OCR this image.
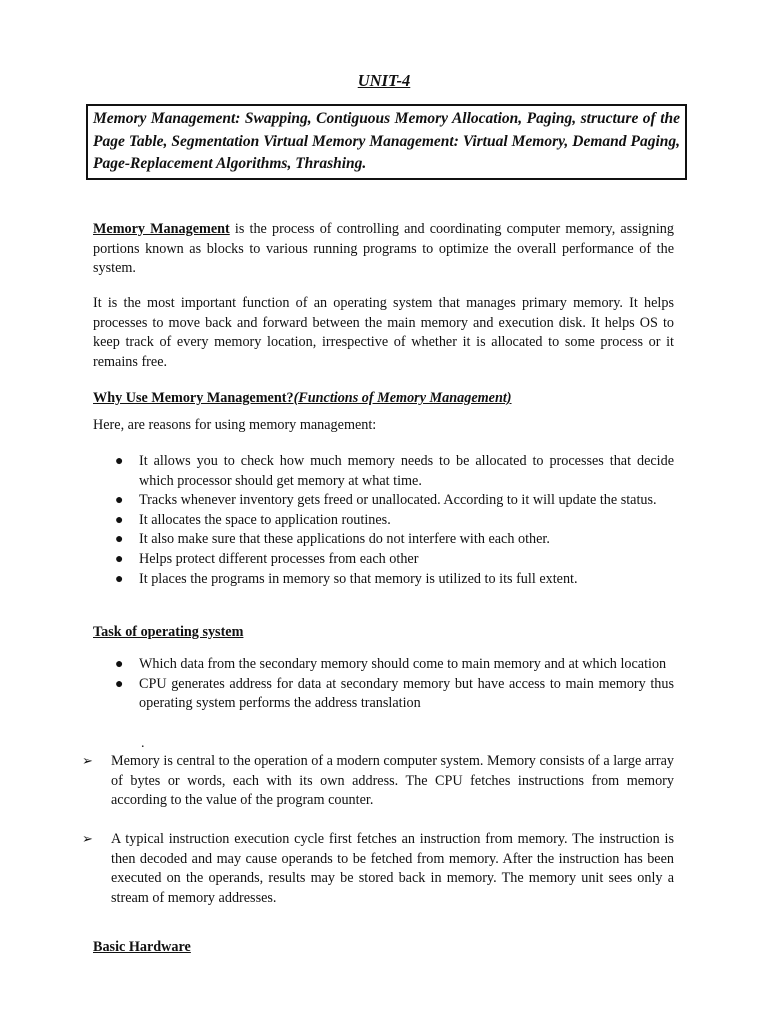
UNIT-4
Memory Management: Swapping, Contiguous Memory Allocation, Paging, structure of the Page Table, Segmentation Virtual Memory Management: Virtual Memory, Demand Paging, Page-Replacement Algorithms, Thrashing.

Memory Management is the process of controlling and coordinating computer memory, assigning portions known as blocks to various running programs to optimize the overall performance of the system.

It is the most important function of an operating system that manages primary memory. It helps processes to move back and forward between the main memory and execution disk. It helps OS to keep track of every memory location, irrespective of whether it is allocated to some process or it remains free.

Why Use Memory Management?(Functions of Memory Management)

Here, are reasons for using memory management:

● It allows you to check how much memory needs to be allocated to processes that decide which processor should get memory at what time.
● Tracks whenever inventory gets freed or unallocated. According to it will update the status.
● It allocates the space to application routines.
● It also make sure that these applications do not interfere with each other.
● Helps protect different processes from each other
● It places the programs in memory so that memory is utilized to its full extent.

Task of operating system

● Which data from the secondary memory should come to main memory and at which location
● CPU generates address for data at secondary memory but have access to main memory thus operating system performs the address translation
.
➢ Memory is central to the operation of a modern computer system. Memory consists of a large array of bytes or words, each with its own address. The CPU fetches instructions from memory according to the value of the program counter.
➢ A typical instruction execution cycle first fetches an instruction from memory. The instruction is then decoded and may cause operands to be fetched from memory. After the instruction has been executed on the operands, results may be stored back in memory. The memory unit sees only a stream of memory addresses.

Basic Hardware
